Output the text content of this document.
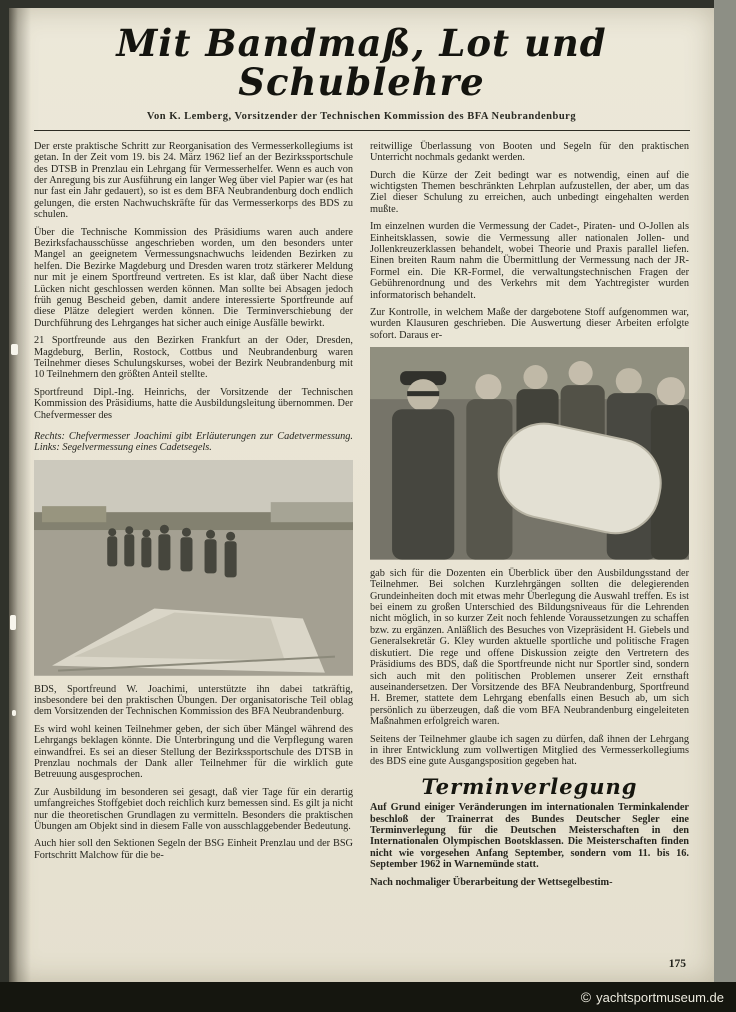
Mit Bandmaß, Lot und Schublehre
Von K. Lemberg, Vorsitzender der Technischen Kommission des BFA Neubrandenburg

Der erste praktische Schritt zur Reorganisation des Vermesserkollegiums ist getan. In der Zeit vom 19. bis 24. März 1962 lief an der Bezirkssportschule des DTSB in Prenzlau ein Lehrgang für Vermesserhelfer. Wenn es auch von der Anregung bis zur Ausführung ein langer Weg über viel Papier war (es hat nur fast ein Jahr gedauert), so ist es dem BFA Neubrandenburg doch endlich gelungen, die ersten Nachwuchskräfte für das Vermesserkorps des BDS zu schulen.

Über die Technische Kommission des Präsidiums waren auch andere Bezirksfachausschüsse angeschrieben worden, um den besonders unter Mangel an geeignetem Vermessungsnachwuchs leidenden Bezirken zu helfen. Die Bezirke Magdeburg und Dresden waren trotz stärkerer Meldung nur mit je einem Sportfreund vertreten. Es ist klar, daß über Nacht diese Lücken nicht geschlossen werden können. Man sollte bei Absagen jedoch früh genug Bescheid geben, damit andere interessierte Sportfreunde auf diese Plätze delegiert werden können. Die Terminverschiebung der Durchführung des Lehrganges hat sicher auch einige Ausfälle bewirkt.

21 Sportfreunde aus den Bezirken Frankfurt an der Oder, Dresden, Magdeburg, Berlin, Rostock, Cottbus und Neubrandenburg waren Teilnehmer dieses Schulungskurses, wobei der Bezirk Neubrandenburg mit 10 Teilnehmern den größten Anteil stellte.

Sportfreund Dipl.-Ing. Heinrichs, der Vorsitzende der Technischen Kommission des Präsidiums, hatte die Ausbildungsleitung übernommen. Der Chefvermesser des

Rechts: Chefvermesser Joachimi gibt Erläuterungen zur Cadetvermessung. Links: Segelvermessung eines Cadetsegels.

BDS, Sportfreund W. Joachimi, unterstützte ihn dabei tatkräftig, insbesondere bei den praktischen Übungen. Der organisatorische Teil oblag dem Vorsitzenden der Technischen Kommission des BFA Neubrandenburg.

Es wird wohl keinen Teilnehmer geben, der sich über Mängel während des Lehrgangs beklagen könnte. Die Unterbringung und die Verpflegung waren einwandfrei. Es sei an dieser Stellung der Bezirkssportschule des DTSB in Prenzlau nochmals der Dank aller Teilnehmer für die wirklich gute Betreuung ausgesprochen.

Zur Ausbildung im besonderen sei gesagt, daß vier Tage für ein derartig umfangreiches Stoffgebiet doch reichlich kurz bemessen sind. Es gilt ja nicht nur die theoretischen Grundlagen zu vermitteln. Besonders die praktischen Übungen am Objekt sind in diesem Falle von ausschlaggebender Bedeutung.

Auch hier soll den Sektionen Segeln der BSG Einheit Prenzlau und der BSG Fortschritt Malchow für die be-

reitwillige Überlassung von Booten und Segeln für den praktischen Unterricht nochmals gedankt werden.

Durch die Kürze der Zeit bedingt war es notwendig, einen auf die wichtigsten Themen beschränkten Lehrplan aufzustellen, der aber, um das Ziel dieser Schulung zu erreichen, auch unbedingt eingehalten werden mußte.

Im einzelnen wurden die Vermessung der Cadet-, Piraten- und O-Jollen als Einheitsklassen, sowie die Vermessung aller nationalen Jollen- und Jollenkreuzerklassen behandelt, wobei Theorie und Praxis parallel liefen. Einen breiten Raum nahm die Übermittlung der Vermessung nach der JR-Formel ein. Die KR-Formel, die verwaltungstechnischen Fragen der Gebührenordnung und des Verkehrs mit dem Yachtregister wurden informatorisch behandelt.

Zur Kontrolle, in welchem Maße der dargebotene Stoff aufgenommen war, wurden Klausuren geschrieben. Die Auswertung dieser Arbeiten erfolgte sofort. Daraus er-

gab sich für die Dozenten ein Überblick über den Ausbildungsstand der Teilnehmer. Bei solchen Kurzlehrgängen sollten die delegierenden Grundeinheiten doch mit etwas mehr Überlegung die Auswahl treffen. Es ist bei einem zu großen Unterschied des Bildungsniveaus für die Lehrenden nicht möglich, in so kurzer Zeit noch fehlende Voraussetzungen zu schaffen bzw. zu ergänzen. Anläßlich des Besuches von Vizepräsident H. Giebels und Generalsekretär G. Kley wurden aktuelle sportliche und politische Fragen diskutiert. Die rege und offene Diskussion zeigte den Vertretern des Präsidiums des BDS, daß die Sportfreunde nicht nur Sportler sind, sondern sich auch mit den politischen Problemen unserer Zeit ernsthaft auseinandersetzen. Der Vorsitzende des BFA Neubrandenburg, Sportfreund H. Bremer, stattete dem Lehrgang ebenfalls einen Besuch ab, um sich persönlich zu überzeugen, daß die vom BFA Neubrandenburg eingeleiteten Maßnahmen erfolgreich waren.

Seitens der Teilnehmer glaube ich sagen zu dürfen, daß ihnen der Lehrgang in ihrer Entwicklung zum vollwertigen Mitglied des Vermesserkollegiums des BDS eine gute Ausgangsposition gegeben hat.

Terminverlegung

Auf Grund einiger Veränderungen im internationalen Terminkalender beschloß der Trainerrat des Bundes Deutscher Segler eine Terminverlegung für die Deutschen Meisterschaften in den Internationalen Olympischen Bootsklassen. Die Meisterschaften finden nicht wie vorgesehen Anfang September, sondern vom 11. bis 16. September 1962 in Warnemünde statt.

Nach nochmaliger Überarbeitung der Wettsegelbestim-

175
© yachtsportmuseum.de
